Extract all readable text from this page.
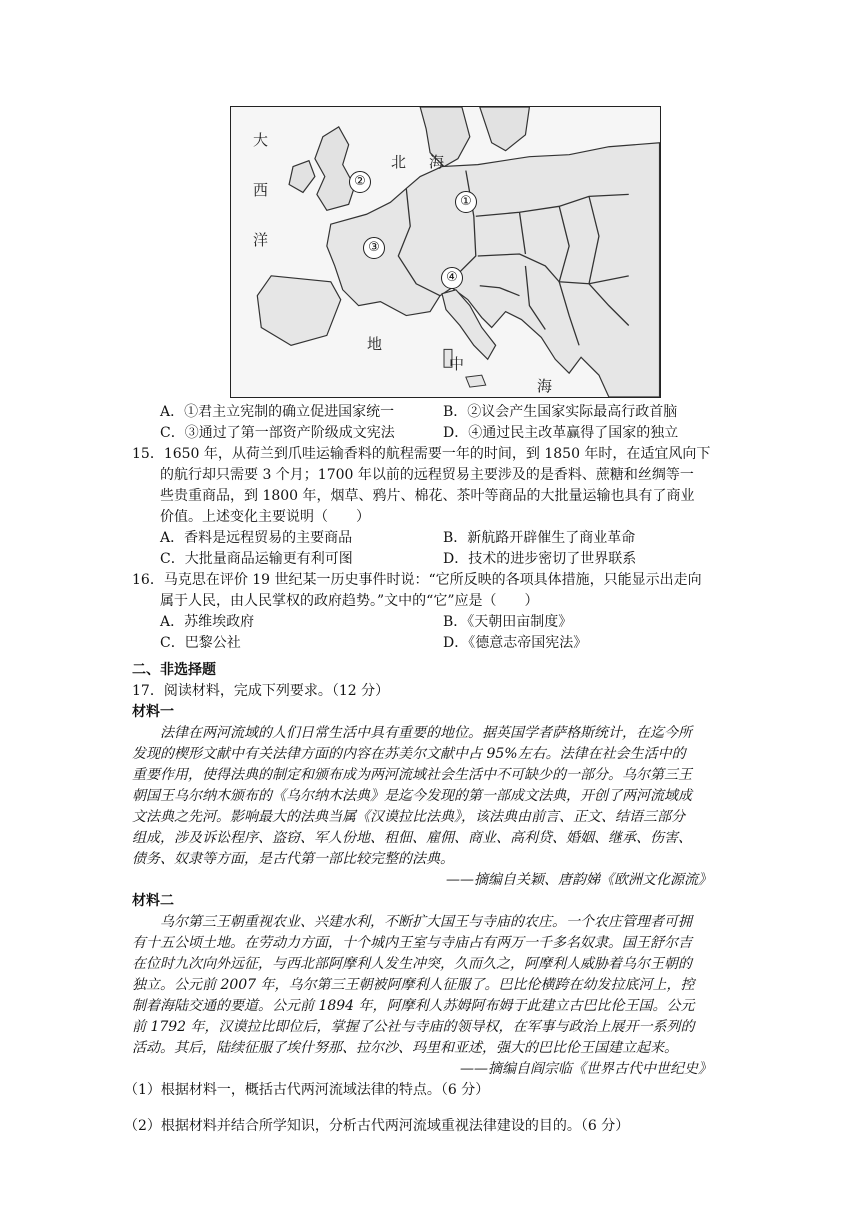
大
西
洋
北 海
地
中
海
①
②
③
④
A．①君主立宪制的确立促进国家统一	B．②议会产生国家实际最高行政首脑
C．③通过了第一部资产阶级成文宪法	D．④通过民主改革赢得了国家的独立
15．1650 年，从荷兰到爪哇运输香料的航程需要一年的时间，到 1850 年时，在适宜风向下
的航行却只需要 3 个月；1700 年以前的远程贸易主要涉及的是香料、蔗糖和丝绸等一
些贵重商品，到 1800 年，烟草、鸦片、棉花、茶叶等商品的大批量运输也具有了商业
价值。上述变化主要说明（　　）
A．香料是远程贸易的主要商品	B．新航路开辟催生了商业革命
C．大批量商品运输更有利可图	D．技术的进步密切了世界联系
16．马克思在评价 19 世纪某一历史事件时说：“它所反映的各项具体措施，只能显示出走向
属于人民，由人民掌权的政府趋势。”文中的“它”应是（　　）
A．苏维埃政府	B．《天朝田亩制度》
C．巴黎公社	D．《德意志帝国宪法》
二、非选择题
17．阅读材料，完成下列要求。（12 分）
材料一
　　法律在两河流域的人们日常生活中具有重要的地位。据英国学者萨格斯统计，在迄今所
发现的楔形文献中有关法律方面的内容在苏美尔文献中占 95%左右。法律在社会生活中的
重要作用，使得法典的制定和颁布成为两河流域社会生活中不可缺少的一部分。乌尔第三王
朝国王乌尔纳木颁布的《乌尔纳木法典》是迄今发现的第一部成文法典，开创了两河流域成
文法典之先河。影响最大的法典当属《汉谟拉比法典》，该法典由前言、正文、结语三部分
组成，涉及诉讼程序、盗窃、军人份地、租佃、雇佣、商业、高利贷、婚姻、继承、伤害、
债务、奴隶等方面，是古代第一部比较完整的法典。
——摘编自关颖、唐韵娣《欧洲文化源流》
材料二
　　乌尔第三王朝重视农业、兴建水利，不断扩大国王与寺庙的农庄。一个农庄管理者可拥
有十五公顷土地。在劳动力方面，十个城内王室与寺庙占有两万一千多名奴隶。国王舒尔吉
在位时九次向外远征，与西北部阿摩利人发生冲突，久而久之，阿摩利人威胁着乌尔王朝的
独立。公元前 2007 年，乌尔第三王朝被阿摩利人征服了。巴比伦横跨在幼发拉底河上，控
制着海陆交通的要道。公元前 1894 年，阿摩利人苏姆阿布姆于此建立古巴比伦王国。公元
前 1792 年，汉谟拉比即位后，掌握了公社与寺庙的领导权，在军事与政治上展开一系列的
活动。其后，陆续征服了埃什努那、拉尔沙、玛里和亚述，强大的巴比伦王国建立起来。
——摘编自阎宗临《世界古代中世纪史》
（1）根据材料一，概括古代两河流域法律的特点。（6 分）
（2）根据材料并结合所学知识，分析古代两河流域重视法律建设的目的。（6 分）
